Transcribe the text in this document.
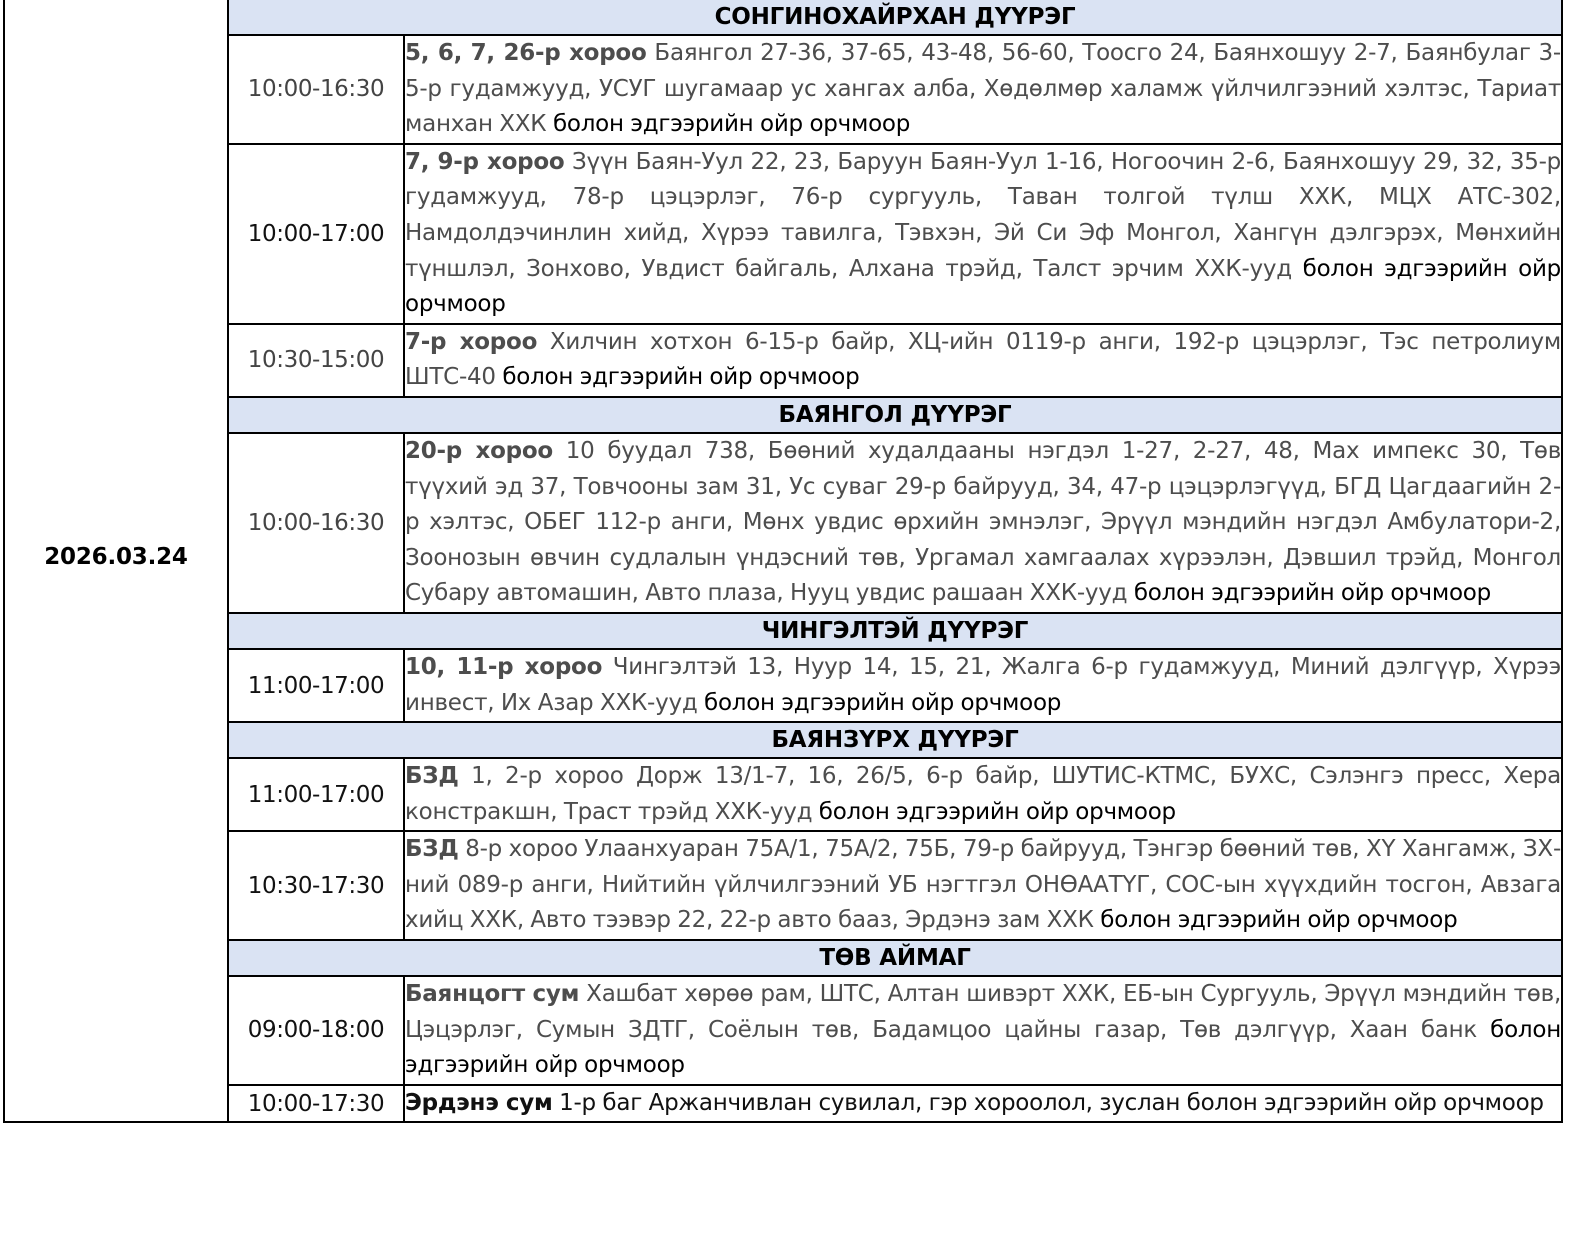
2026.03.24		
	СОНГИНОХАЙРХАН ДҮҮРЭГ	
	10:00-16:30	5, 6, 7, 26-р хороо Баянгол 27-36, 37-65, 43-48, 56-60, Тоосго 24, Баянхошуу 2-7, Баянбулаг 3-5-р гудамжууд, УСУГ шугамаар ус хангах алба, Хөдөлмөр халамж үйлчилгээний хэлтэс, Тариат манхан ХХК болон эдгээрийн ойр орчмоор
	10:00-17:00	7, 9-р хороо Зүүн Баян-Уул 22, 23, Баруун Баян-Уул 1-16, Ногоочин 2-6, Баянхошуу 29, 32, 35-р гудамжууд, 78-р цэцэрлэг, 76-р сургууль, Таван толгой түлш ХХК, МЦХ АТС-302, Намдолдэчинлин хийд, Хүрээ тавилга, Тэвхэн, Эй Си Эф Монгол, Хангүн дэлгэрэх, Мөнхийн түншлэл, Зонхово, Увдист байгаль, Алхана трэйд, Талст эрчим ХХК-ууд болон эдгээрийн ойр орчмоор
	10:30-15:00	7-р хороо Хилчин хотхон 6-15-р байр, ХЦ-ийн 0119-р анги, 192-р цэцэрлэг, Тэс петролиум ШТС-40 болон эдгээрийн ойр орчмоор
	БАЯНГОЛ ДҮҮРЭГ	
	10:00-16:30	20-р хороо 10 буудал 738, Бөөний худалдааны нэгдэл 1-27, 2-27, 48, Мах импекс 30, Төв түүхий эд 37, Товчооны зам 31, Ус суваг 29-р байрууд, 34, 47-р цэцэрлэгүүд, БГД Цагдаагийн 2-р хэлтэс, ОБЕГ 112-р анги, Мөнх увдис өрхийн эмнэлэг, Эрүүл мэндийн нэгдэл Амбулатори-2, Зоонозын өвчин судлалын үндэсний төв, Ургамал хамгаалах хүрээлэн, Дэвшил трэйд, Монгол Субару автомашин, Авто плаза, Нууц увдис рашаан ХХК-ууд болон эдгээрийн ойр орчмоор
	ЧИНГЭЛТЭЙ ДҮҮРЭГ	
	11:00-17:00	10, 11-р хороо Чингэлтэй 13, Нуур 14, 15, 21, Жалга 6-р гудамжууд, Миний дэлгүүр, Хүрээ инвест, Их Азар ХХК-ууд болон эдгээрийн ойр орчмоор
	БАЯНЗҮРХ ДҮҮРЭГ	
	11:00-17:00	БЗД 1, 2-р хороо Дорж 13/1-7, 16, 26/5, 6-р байр, ШУТИС-КТМС, БУХС, Сэлэнгэ пресс, Хера констракшн, Траст трэйд ХХК-ууд болон эдгээрийн ойр орчмоор
	10:30-17:30	БЗД 8-р хороо Улаанхуаран 75А/1, 75А/2, 75Б, 79-р байрууд, Тэнгэр бөөний төв, ХҮ Хангамж, ЗХ-ний 089-р анги, Нийтийн үйлчилгээний УБ нэгтгэл ОНӨААТҮГ, СОС-ын хүүхдийн тосгон, Авзага хийц ХХК, Авто тээвэр 22, 22-р авто бааз, Эрдэнэ зам ХХК болон эдгээрийн ойр орчмоор
	ТӨВ АЙМАГ	
	09:00-18:00	Баянцогт сум Хашбат хөрөө рам, ШТС, Алтан шивэрт ХХК, ЕБ-ын Сургууль, Эрүүл мэндийн төв, Цэцэрлэг, Сумын ЗДТГ, Соёлын төв, Бадамцоо цайны газар, Төв дэлгүүр, Хаан банк болон эдгээрийн ойр орчмоор
	10:00-17:30	Эрдэнэ сум 1-р баг Аржанчивлан сувилал, гэр хороолол, зуслан болон эдгээрийн ойр орчмоор
